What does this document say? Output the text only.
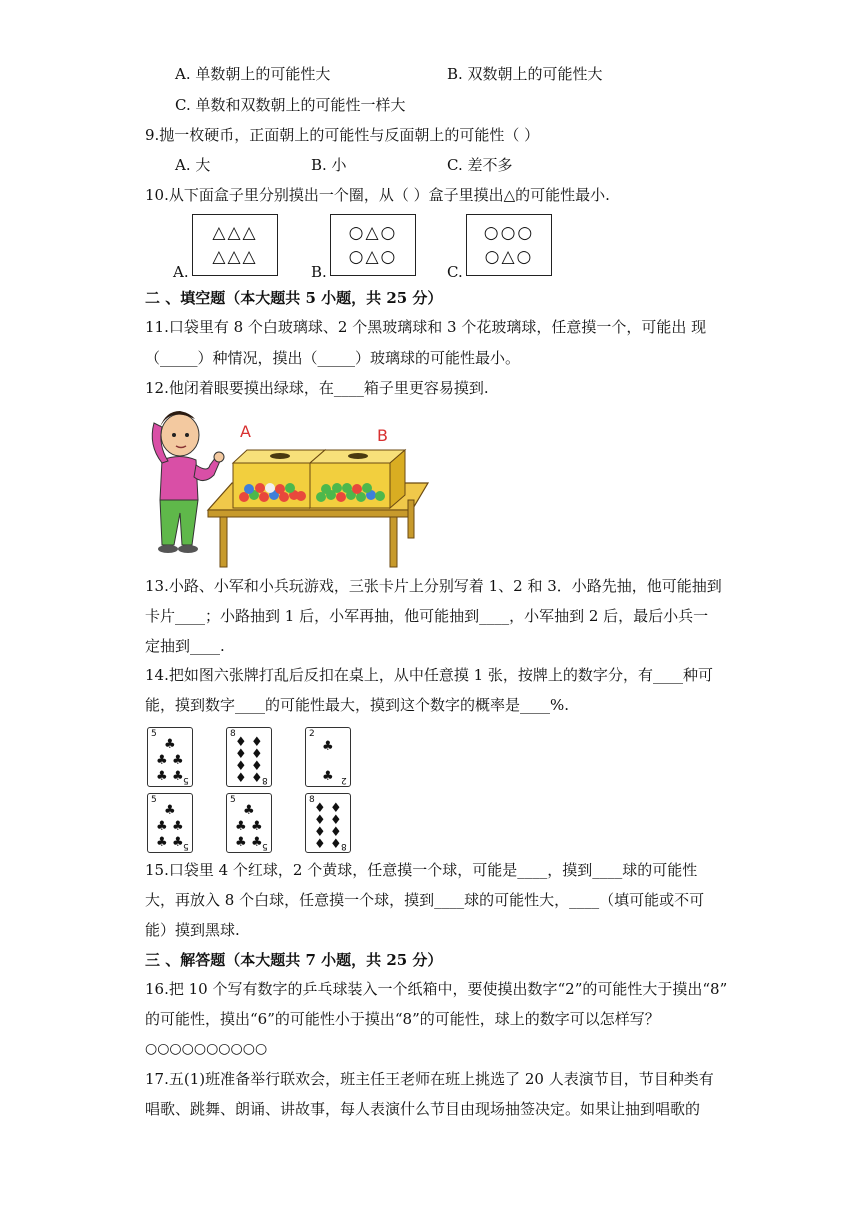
A. 单数朝上的可能性大	B. 双数朝上的可能性大
C. 单数和双数朝上的可能性一样大
9.抛一枚硬币，正面朝上的可能性与反面朝上的可能性（ ）
A. 大	B. 小	C. 差不多
10.从下面盒子里分别摸出一个圈，从（ ）盒子里摸出△的可能性最小.
A.
△△△
△△△
B.
○△○
○△○
C.
○○○
○△○
二 、填空题（本大题共 5 小题，共 25 分）
11.口袋里有 8 个白玻璃球、2 个黑玻璃球和 3 个花玻璃球，任意摸一个，可能出 现
（_____）种情况，摸出（_____）玻璃球的可能性最小。
12.他闭着眼要摸出绿球，在____箱子里更容易摸到.
A	B
13.小路、小军和小兵玩游戏，三张卡片上分别写着 1、2 和 3．小路先抽，他可能抽到
卡片____；小路抽到 1 后，小军再抽，他可能抽到____，小军抽到 2 后，最后小兵一
定抽到____.
14.把如图六张牌打乱后反扣在桌上，从中任意摸 1 张，按牌上的数字分，有____种可
能，摸到数字____的可能性最大，摸到这个数字的概率是____%.
5
5
♣
♣ ♣
♣ ♣
8
8
♦ ♦
♦ ♦
♦ ♦
♦ ♦
2
2
♣
♣
5
5
♣
♣ ♣
♣ ♣
5
5
♣
♣ ♣
♣ ♣
8
8
♦ ♦
♦ ♦
♦ ♦
♦ ♦
15.口袋里 4 个红球，2 个黄球，任意摸一个球，可能是____，摸到____球的可能性
大，再放入 8 个白球，任意摸一个球，摸到____球的可能性大，____（填可能或不可
能）摸到黑球.
三 、解答题（本大题共 7 小题，共 25 分）
16.把 10 个写有数字的乒乓球装入一个纸箱中，要使摸出数字“2”的可能性大于摸出“8”
的可能性，摸出“6”的可能性小于摸出“8”的可能性，球上的数字可以怎样写？
○○○○○○○○○○
17.五(1)班准备举行联欢会，班主任王老师在班上挑选了 20 人表演节目，节目种类有
唱歌、跳舞、朗诵、讲故事，每人表演什么节目由现场抽签决定。如果让抽到唱歌的
